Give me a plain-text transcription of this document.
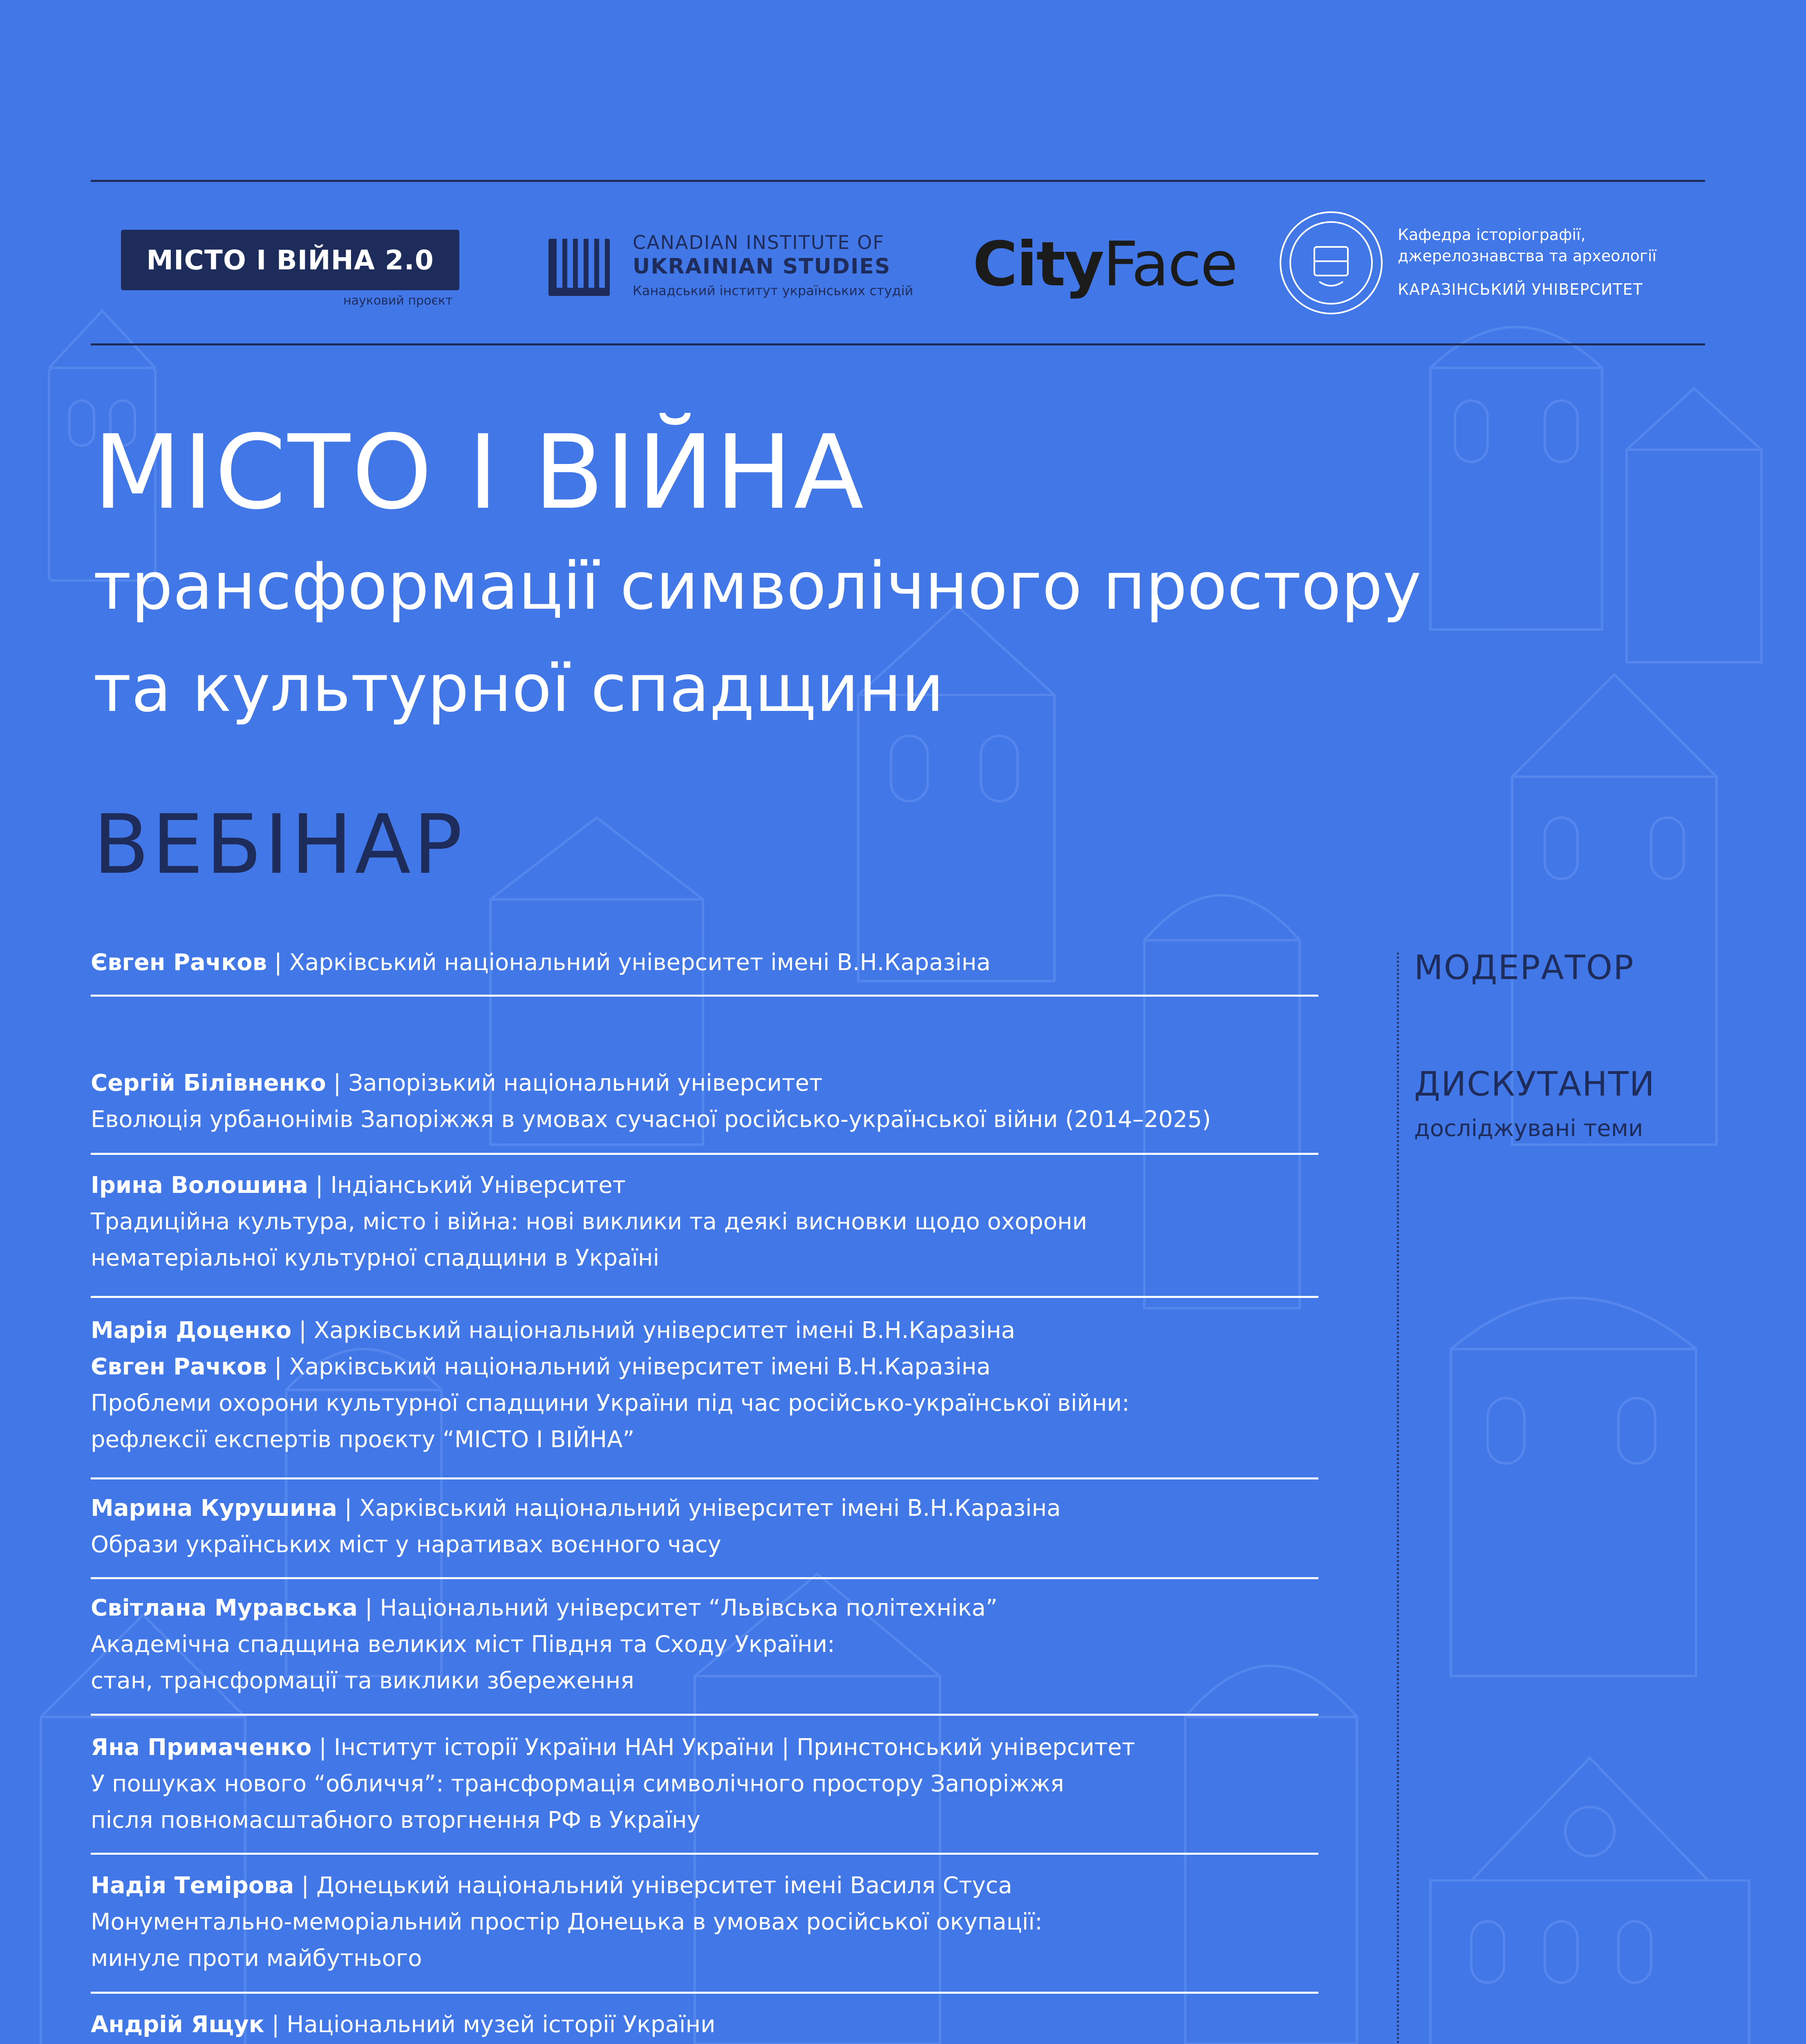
МІСТО І ВІЙНА 2.0
науковий проєкт
CANADIAN INSTITUTE OF
UKRAINIAN STUDIES
Канадський інститут українських студій CityFace	Кафедра історіографії,
джерелознавства та археології
КАРАЗІНСЬКИЙ УНІВЕРСИТЕТ
МІСТО І ВІЙНА
трансформації символічного простору
та культурної спадщини
ВЕБІНАР
Євген Рачков | Харківський національний університет імені В.Н.Каразіна
Сергій Білівненко | Запорізький національний університет
Еволюція урбанонімів Запоріжжя в умовах сучасної російсько-української війни (2014–2025)
Ірина Волошина | Індіанський Університет
Традиційна культура, місто і війна: нові виклики та деякі висновки щодо охорони
нематеріальної культурної спадщини в Україні
Марія Доценко | Харківський національний університет імені В.Н.Каразіна
Євген Рачков | Харківський національний університет імені В.Н.Каразіна
Проблеми охорони культурної спадщини України під час російсько-української війни:
рефлексії експертів проєкту “МІСТО І ВІЙНА”
Марина Курушина | Харківський національний університет імені В.Н.Каразіна
Образи українських міст у наративах воєнного часу
Світлана Муравська | Національний університет “Львівська політехніка”
Академічна спадщина великих міст Півдня та Сходу України:
стан, трансформації та виклики збереження
Яна Примаченко | Інститут історії України НАН України | Принстонський університет
У пошуках нового “обличчя”: трансформація символічного простору Запоріжжя
після повномасштабного вторгнення РФ в Україну
Надія Темірова | Донецький національний університет імені Василя Стуса
Монументально-меморіальний простір Донецька в умовах російської окупації:
минуле проти майбутнього
Андрій Ящук | Національний музей історії України
МОДЕРАТОР
ДИСКУТАНТИ
досліджувані теми
